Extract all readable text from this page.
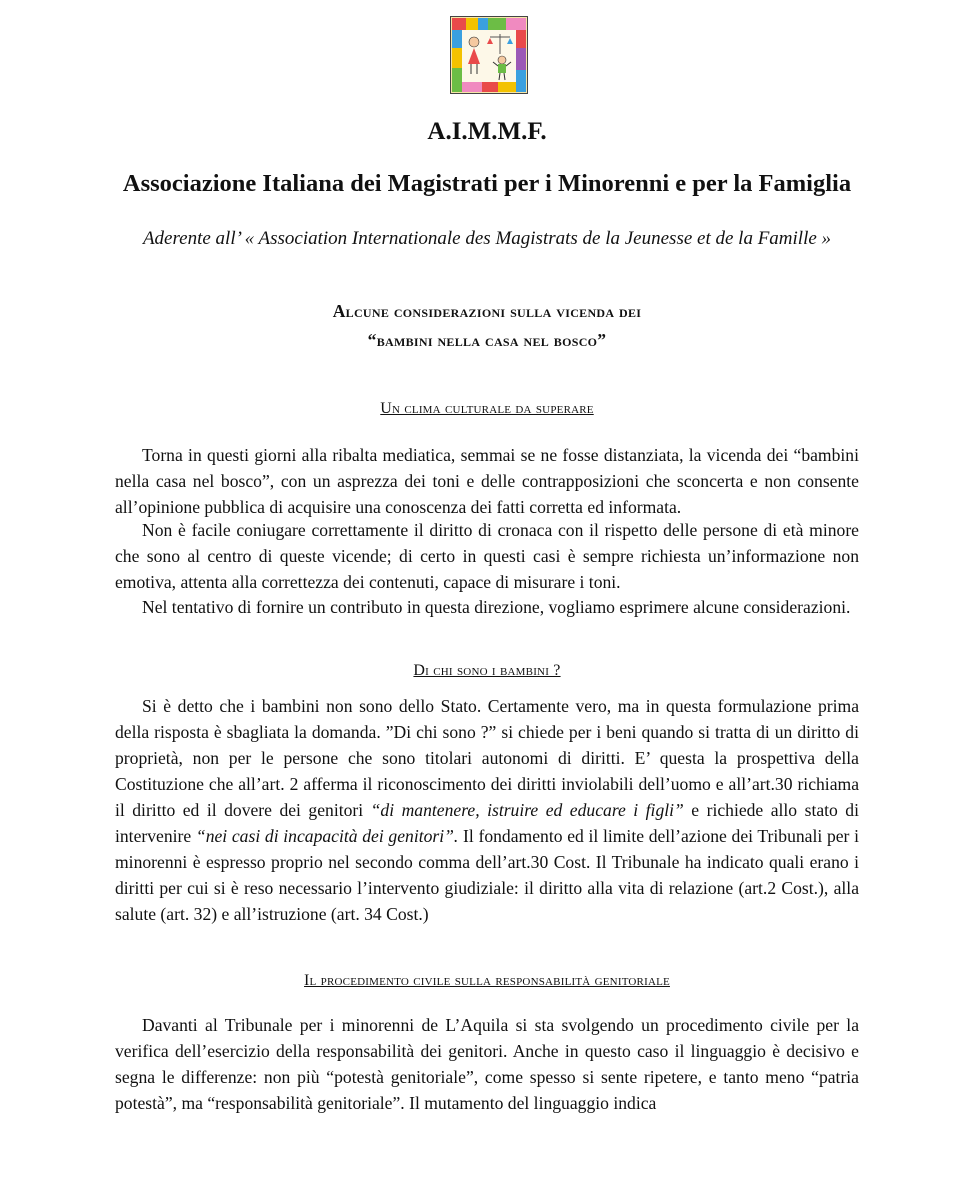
A.I.M.M.F.
Associazione Italiana dei Magistrati per i Minorenni e per la Famiglia
Aderente all’ « Association Internationale des Magistrats de la Jeunesse et de la Famille »
Alcune considerazioni sulla vicenda dei
“bambini nella casa nel bosco”
Un clima culturale da superare

Torna in questi giorni alla ribalta mediatica, semmai se ne fosse distanziata, la vicenda dei “bambini nella casa nel bosco”, con un asprezza dei toni e delle contrapposizioni che sconcerta e non consente all’opinione pubblica di acquisire una conoscenza dei fatti corretta ed informata.

Non è facile coniugare correttamente il diritto di cronaca con il rispetto delle persone di età minore che sono al centro di queste vicende; di certo in questi casi è sempre richiesta un’informazione non emotiva, attenta alla correttezza dei contenuti, capace di misurare i toni.

Nel tentativo di fornire un contributo in questa direzione, vogliamo esprimere alcune considerazioni.

Di chi sono i bambini ?

Si è detto che i bambini non sono dello Stato. Certamente vero, ma in questa formulazione prima della risposta è sbagliata la domanda. ”Di chi sono ?” si chiede per i beni quando si tratta di un diritto di proprietà, non per le persone che sono titolari autonomi di diritti. E’ questa la prospettiva della Costituzione che all’art. 2 afferma il riconoscimento dei diritti inviolabili dell’uomo e all’art.30 richiama il diritto ed il dovere dei genitori “di mantenere, istruire ed educare i figli” e richiede allo stato di intervenire “nei casi di incapacità dei genitori”. Il fondamento ed il limite dell’azione dei Tribunali per i minorenni è espresso proprio nel secondo comma dell’art.30 Cost. Il Tribunale ha indicato quali erano i diritti per cui si è reso necessario l’intervento giudiziale: il diritto alla vita di relazione (art.2 Cost.), alla salute (art. 32) e all’istruzione (art. 34 Cost.)

Il procedimento civile sulla responsabilità genitoriale

Davanti al Tribunale per i minorenni de L’Aquila si sta svolgendo un procedimento civile per la verifica dell’esercizio della responsabilità dei genitori. Anche in questo caso il linguaggio è decisivo e segna le differenze: non più “potestà genitoriale”, come spesso si sente ripetere, e tanto meno “patria potestà”, ma “responsabilità genitoriale”. Il mutamento del linguaggio indica
